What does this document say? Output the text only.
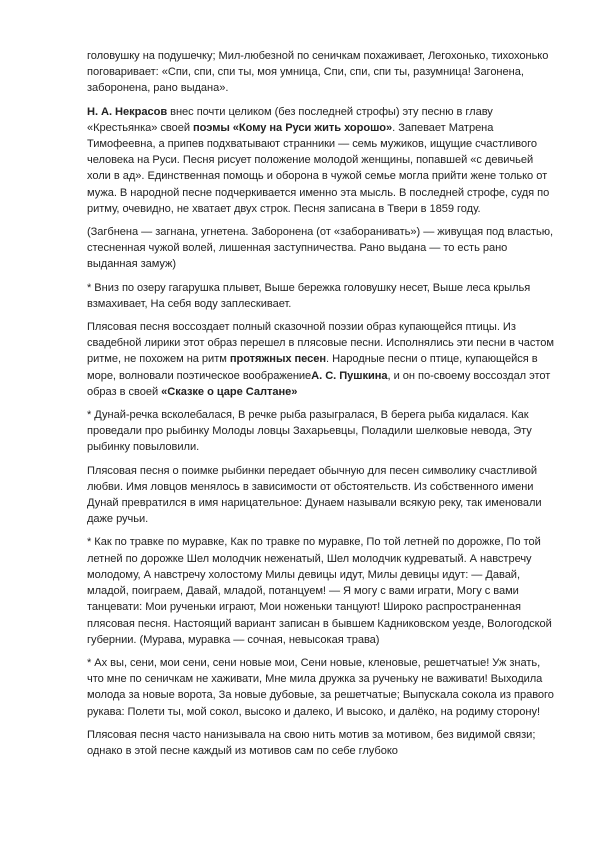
головушку на подушечку; Мил-любезной по сеничкам похаживает, Легохонько, тихохонько поговаривает: «Спи, спи, спи ты, моя умница, Спи, спи, спи ты, разумница! Загонена, заборонена, рано выдана».

Н. А. Некрасов внес почти целиком (без последней строфы) эту песню в главу «Крестьянка» своей поэмы «Кому на Руси жить хорошо». Запевает Матрена Тимофеевна, а припев подхватывают странники — семь мужиков, ищущие счастливого человека на Руси. Песня рисует положение молодой женщины, попавшей «с девичьей холи в ад». Единственная помощь и оборона в чужой семье могла прийти жене только от мужа. В народной песне подчеркивается именно эта мысль. В последней строфе, судя по ритму, очевидно, не хватает двух строк. Песня записана в Твери в 1859 году.

(Загбнена — загнана, угнетена. Заборонена (от «заборанивать») — живущая под властью, стесненная чужой волей, лишенная заступничества. Рано выдана — то есть рано выданная замуж)

* Вниз по озеру гагарушка плывет, Выше бережка головушку несет, Выше леса крылья взмахивает, На себя воду заплескивает.

Плясовая песня воссоздает полный сказочной поэзии образ купающейся птицы. Из свадебной лирики этот образ перешел в плясовые песни. Исполнялись эти песни в частом ритме, не похожем на ритм протяжных песен. Народные песни о птице, купающейся в море, волновали поэтическое воображениеА. С. Пушкина, и он по-своему воссоздал этот образ в своей «Сказке о царе Салтане»

* Дунай-речка всколебалася, В речке рыба разыгралася, В берега рыба кидалася. Как проведали про рыбинку Молоды ловцы Захарьевцы, Поладили шелковые невода, Эту рыбинку повыловили.

Плясовая песня о поимке рыбинки передает обычную для песен символику счастливой любви. Имя ловцов менялось в зависимости от обстоятельств. Из собственного имени Дунай превратился в имя нарицательное: Дунаем называли всякую реку, так именовали даже ручьи.

* Как по травке по муравке, Как по травке по муравке, По той летней по дорожке, По той летней по дорожке Шел молодчик неженатый, Шел молодчик кудреватый. А навстречу молодому, А навстречу холостому Милы девицы идут, Милы девицы идут: — Давай, младой, поиграем, Давай, младой, потанцуем! — Я могу с вами играти, Могу с вами танцевати: Мои рученьки играют, Мои ноженьки танцуют! Широко распространенная плясовая песня. Настоящий вариант записан в бывшем Кадниковском уезде, Вологодской губернии. (Мурава, муравка — сочная, невысокая трава)

* Ах вы, сени, мои сени, сени новые мои, Сени новые, кленовые, решетчатые! Уж знать, что мне по сеничкам не хаживати, Мне мила дружка за рученьку не важивати! Выходила молода за новые ворота, За новые дубовые, за решетчатые; Выпускала сокола из правого рукава: Полети ты, мой сокол, высоко и далеко, И высоко, и далёко, на родиму сторону!

Плясовая песня часто нанизывала на свою нить мотив за мотивом, без видимой связи; однако в этой песне каждый из мотивов сам по себе глубоко
